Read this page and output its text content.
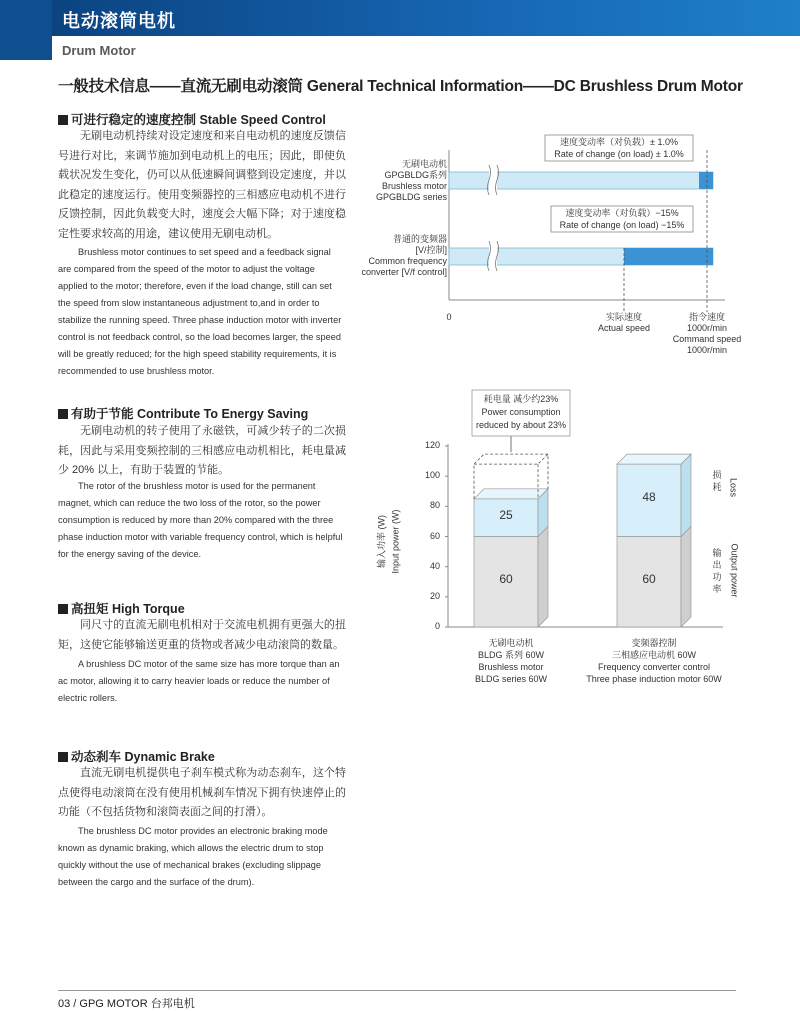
电动滚筒电机
Drum Motor
一般技术信息——直流无刷电动滚筒 General Technical Information——DC Brushless Drum Motor
可进行稳定的速度控制 Stable Speed Control
无刷电动机持续对设定速度和来自电动机的速度反馈信号进行对比，来调节施加到电动机上的电压；因此，即使负载状况发生变化，仍可以从低速瞬间调整到设定速度，并以此稳定的速度运行。使用变频器控的三相感应电动机不进行反馈控制，因此负载变大时，速度会大幅下降；对于速度稳定性要求较高的用途，建议使用无刷电动机。
Brushless motor continues to set speed and a feedback signal are compared from the speed of the motor to adjust the voltage applied to the motor; therefore, even if the load change, still can set the speed from slow instantaneous adjustment to,and in order to stabilize the running speed. Three phase induction motor with inverter control is not feedback control, so the load becomes larger, the speed will be greatly reduced; for the high speed stability requirements, it is recommended to use brushless motor.
有助于节能 Contribute To Energy Saving
无刷电动机的转子使用了永磁铁，可减少转子的二次损耗，因此与采用变频控制的三相感应电动机相比，耗电量减少 20% 以上，有助于装置的节能。
The rotor of the brushless motor is used for the permanent magnet, which can reduce the two loss of the rotor, so the power consumption is reduced by more than 20% compared with the three phase induction motor with variable frequency control, which is helpful for the energy saving of the device.
高扭矩 High Torque
同尺寸的直流无刷电机相对于交流电机拥有更强大的扭矩，这使它能够输送更重的货物或者减少电动滚筒的数量。
A brushless DC motor of the same size has more torque than an ac motor, allowing it to carry heavier loads or reduce the number of electric rollers.
动态刹车 Dynamic Brake
直流无刷电机提供电子刹车模式称为动态刹车，这个特点使得电动滚筒在没有使用机械刹车情况下拥有快速停止的功能（不包括货物和滚筒表面之间的打滑）。
The brushless DC motor provides an electronic braking mode known as dynamic braking, which allows the electric drum to stop quickly without the use of mechanical brakes (excluding slippage between the cargo and the surface of the drum).
速度变动率（对负载）± 1.0%
Rate of change (on load) ± 1.0%
速度变动率（对负载）−15%
Rate of change (on load) −15%
无刷电动机
GPGBLDG系列
Brushless motor
GPGBLDG series
普通的变频器
[V/控制]
Common frequency
converter [V/f control]
0	实际速度
Actual speed
指令速度
1000r/min
Command speed
1000r/min
0
20
40
60
80
100
120
60
25
60
48
耗电量 减少约23%
Power consumption
reduced by about 23%
输入功率 (W) Input power (W)
损
耗 Loss
输
出
功
率 Output power
无刷电动机
BLDG 系列 60W
Brushless motor
BLDG series 60W
变频器控制
三相感应电动机 60W
Frequency converter control
Three phase induction motor 60W
03 / GPG MOTOR 台邦电机
